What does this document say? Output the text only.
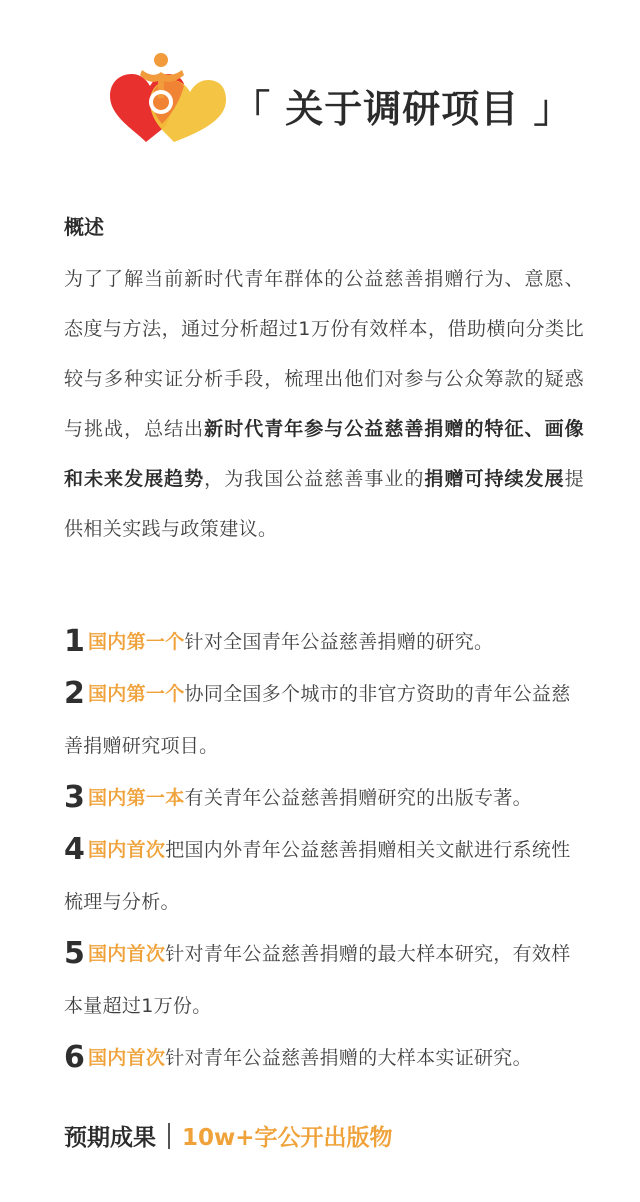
「 关于调研项目 」
概述

为了了解当前新时代青年群体的公益慈善捐赠行为、意愿、态度与方法，通过分析超过1万份有效样本，借助横向分类比较与多种实证分析手段，梳理出他们对参与公众筹款的疑惑与挑战，总结出新时代青年参与公益慈善捐赠的特征、画像和未来发展趋势，为我国公益慈善事业的捐赠可持续发展提供相关实践与政策建议。

1 国内第一个针对全国青年公益慈善捐赠的研究。

2 国内第一个协同全国多个城市的非官方资助的青年公益慈善捐赠研究项目。

3 国内第一本有关青年公益慈善捐赠研究的出版专著。

4 国内首次把国内外青年公益慈善捐赠相关文献进行系统性梳理与分析。

5 国内首次针对青年公益慈善捐赠的最大样本研究，有效样本量超过1万份。

6 国内首次针对青年公益慈善捐赠的大样本实证研究。

预期成果 10w+字公开出版物
